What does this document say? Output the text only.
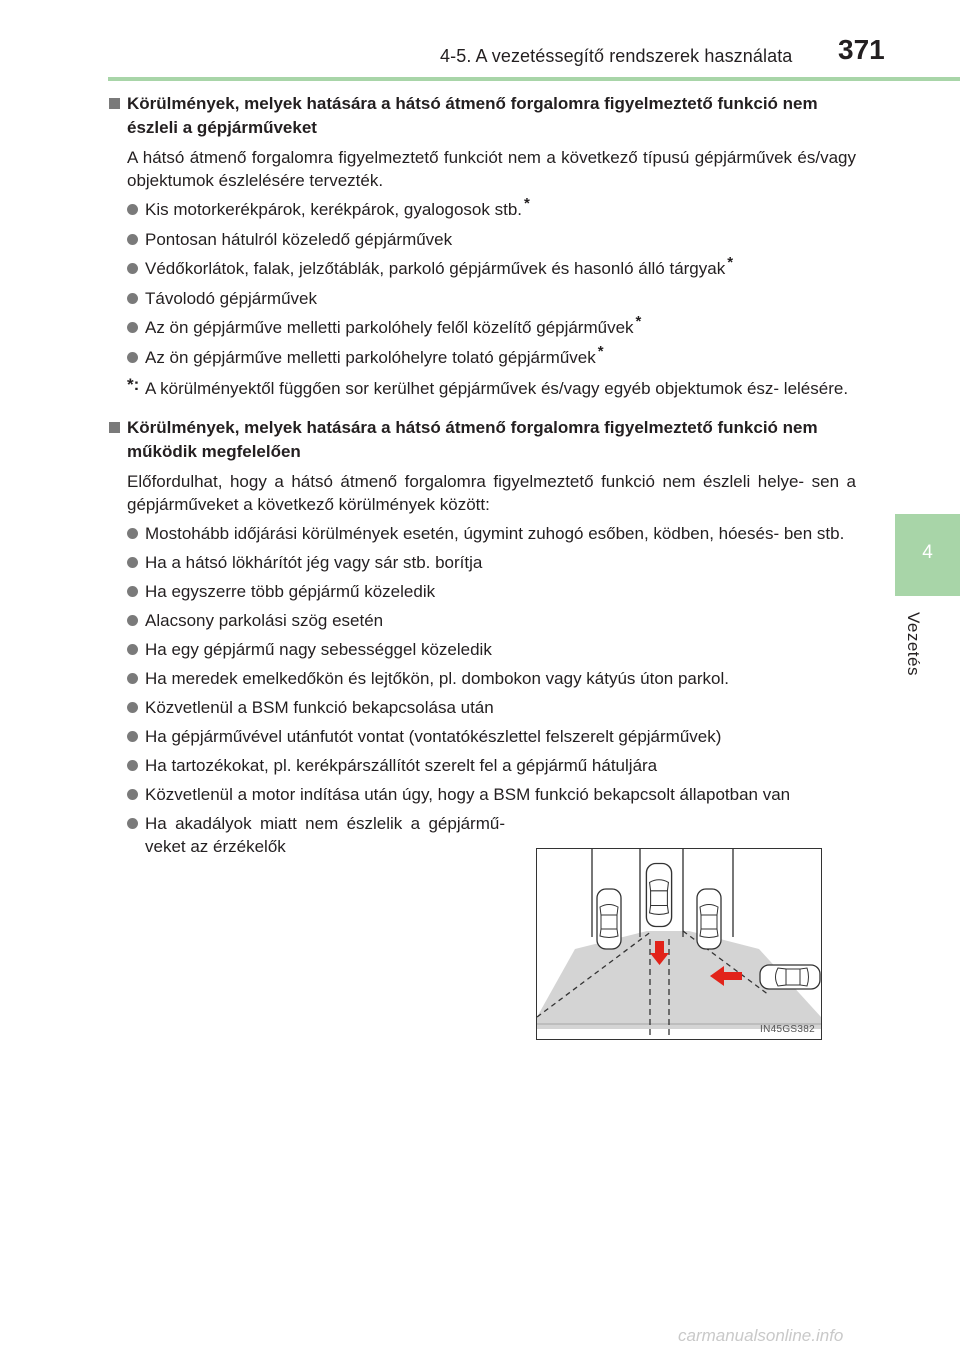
4-5. A vezetéssegítő rendszerek használata 371
4
Vezetés
Körülmények, melyek hatására a hátsó átmenő forgalomra figyelmeztető funkció nem észleli a gépjárműveket
A hátsó átmenő forgalomra figyelmeztető funkciót nem a következő típusú gépjárművek és/vagy objektumok észlelésére tervezték.
Kis motorkerékpárok, kerékpárok, gyalogosok stb. *
Pontosan hátulról közeledő gépjárművek
Védőkorlátok, falak, jelzőtáblák, parkoló gépjárművek és hasonló álló tárgyak *
Távolodó gépjárművek
Az ön gépjárműve melletti parkolóhely felől közelítő gépjárművek *
Az ön gépjárműve melletti parkolóhelyre tolató gépjárművek *
*: A körülményektől függően sor kerülhet gépjárművek és/vagy egyéb objektumok ész- lelésére.
Körülmények, melyek hatására a hátsó átmenő forgalomra figyelmeztető funkció nem működik megfelelően
Előfordulhat, hogy a hátsó átmenő forgalomra figyelmeztető funkció nem észleli helye- sen a gépjárműveket a következő körülmények között:
Mostohább időjárási körülmények esetén, úgymint zuhogó esőben, ködben, hóesés- ben stb.
Ha a hátsó lökhárítót jég vagy sár stb. borítja
Ha egyszerre több gépjármű közeledik
Alacsony parkolási szög esetén
Ha egy gépjármű nagy sebességgel közeledik
Ha meredek emelkedőkön és lejtőkön, pl. dombokon vagy kátyús úton parkol.
Közvetlenül a BSM funkció bekapcsolása után
Ha gépjárművével utánfutót vontat (vontatókészlettel felszerelt gépjárművek)
Ha tartozékokat, pl. kerékpárszállítót szerelt fel a gépjármű hátuljára
Közvetlenül a motor indítása után úgy, hogy a BSM funkció bekapcsolt állapotban van
Ha akadályok miatt nem észlelik a gépjármű- veket az érzékelők
IN45GS382
carmanualsonline.info
